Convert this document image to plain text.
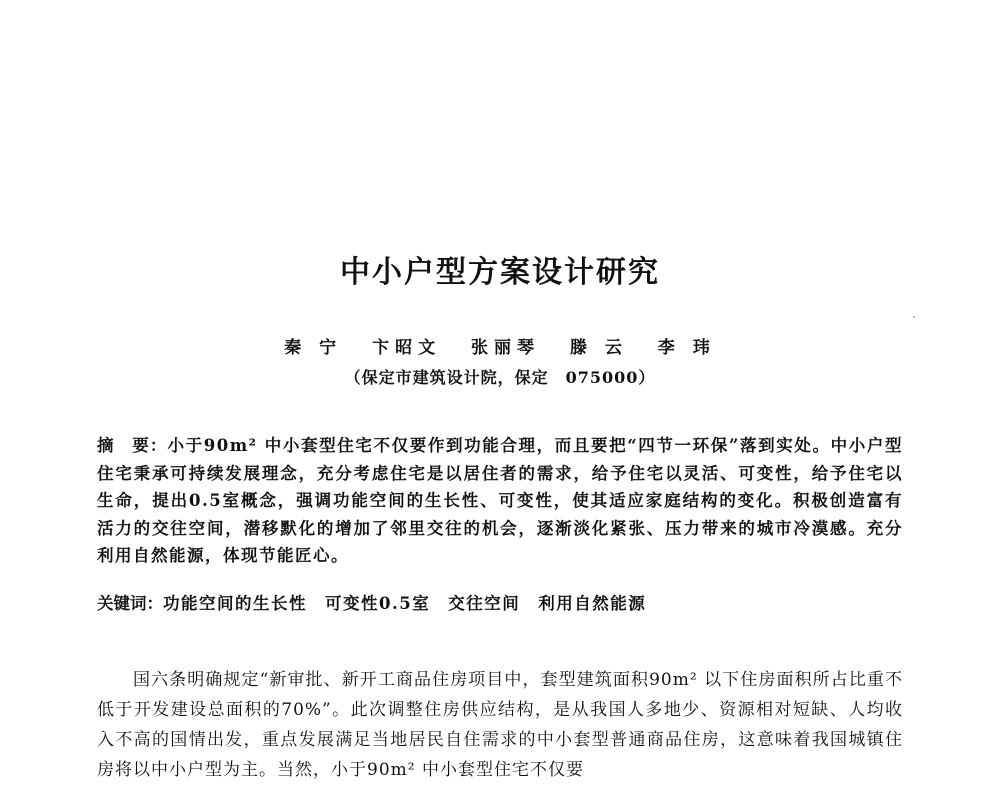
中小户型方案设计研究
秦 宁 卞昭文 张丽琴 滕 云 李 玮
（保定市建筑设计院，保定　075000）
摘　要：小于90m² 中小套型住宅不仅要作到功能合理，而且要把“四节一环保”落到实处。中小户型住宅秉承可持续发展理念，充分考虑住宅是以居住者的需求，给予住宅以灵活、可变性，给予住宅以生命，提出0.5室概念，强调功能空间的生长性、可变性，使其适应家庭结构的变化。积极创造富有活力的交往空间，潜移默化的增加了邻里交往的机会，逐渐淡化紧张、压力带来的城市冷漠感。充分利用自然能源，体现节能匠心。
关键词：功能空间的生长性　可变性0.5室　交往空间　利用自然能源

国六条明确规定“新审批、新开工商品住房项目中，套型建筑面积90m² 以下住房面积所占比重不低于开发建设总面积的70%”。此次调整住房供应结构，是从我国人多地少、资源相对短缺、人均收入不高的国情出发，重点发展满足当地居民自住需求的中小套型普通商品住房，这意味着我国城镇住房将以中小户型为主。当然，小于90m² 中小套型住宅不仅要
